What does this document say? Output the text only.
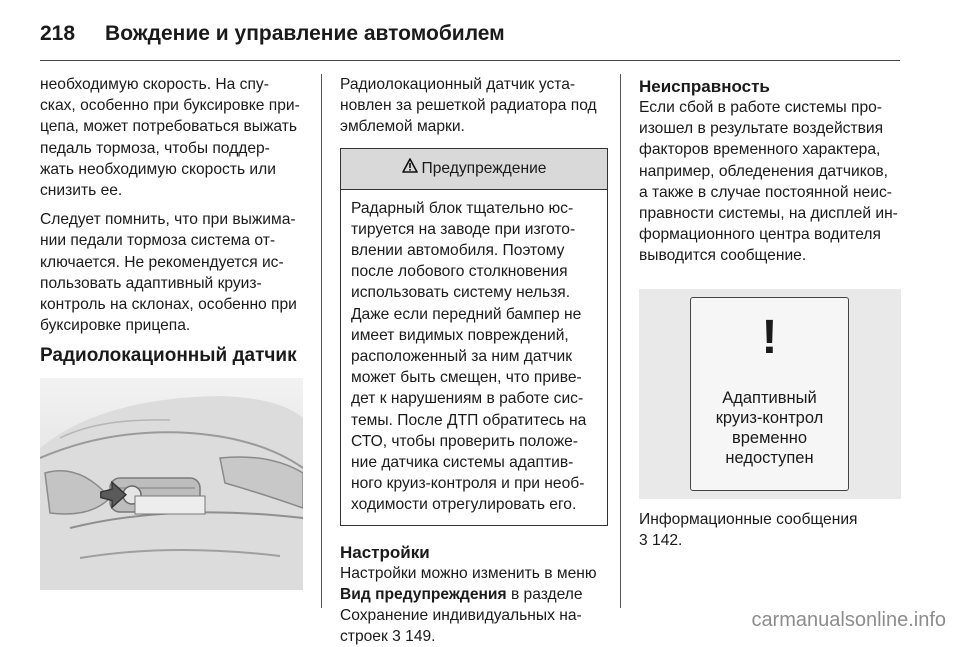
218 Вождение и управление автомобилем

необходимую скорость. На спу-
сках, особенно при буксировке при-
цепа, может потребоваться выжать
педаль тормоза, чтобы поддер-
жать необходимую скорость или
снизить ее.

Следует помнить, что при выжима-
нии педали тормоза система от-
ключается. Не рекомендуется ис-
пользовать адаптивный круиз-
контроль на склонах, особенно при
буксировке прицепа.

Радиолокационный датчик

Радиолокационный датчик уста-
новлен за решеткой радиатора под
эмблемой марки.

Предупреждение
Радарный блок тщательно юс-
тируется на заводе при изгото-
влении автомобиля. Поэтому
после лобового столкновения
использовать систему нельзя.
Даже если передний бампер не
имеет видимых повреждений,
расположенный за ним датчик
может быть смещен, что приве-
дет к нарушениям в работе сис-
темы. После ДТП обратитесь на
СТО, чтобы проверить положе-
ние датчика системы адаптив-
ного круиз-контроля и при необ-
ходимости отрегулировать его.
Настройки
Настройки можно изменить в меню
Вид предупреждения в разделе
Сохранение индивидуальных на-
строек 3 149.
Неисправность
Если сбой в работе системы про-
изошел в результате воздействия
факторов временного характера,
например, обледенения датчиков,
а также в случае постоянной неис-
правности системы, на дисплей ин-
формационного центра водителя
выводится сообщение.
!
Адаптивный
круиз-контрол
временно
недоступен
Информационные сообщения
3 142.
carmanualsonline.info
